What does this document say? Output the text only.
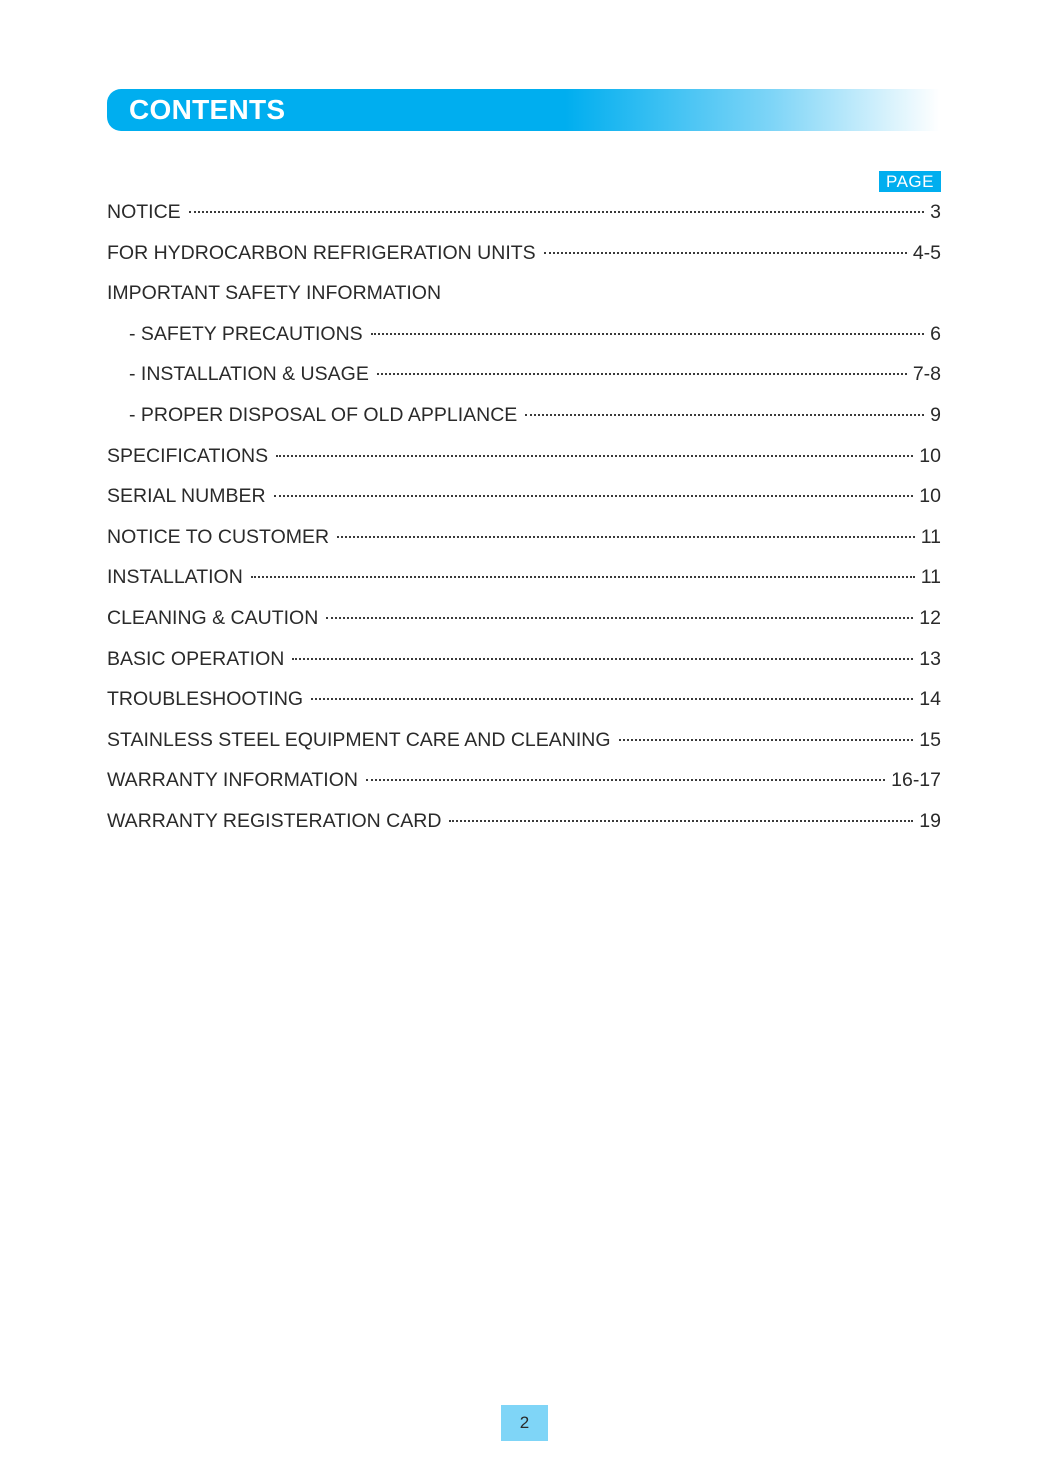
CONTENTS
PAGE
NOTICE	3
FOR HYDROCARBON REFRIGERATION UNITS	4-5
IMPORTANT SAFETY INFORMATION
- SAFETY PRECAUTIONS	6
- INSTALLATION & USAGE	7-8
- PROPER DISPOSAL OF OLD APPLIANCE	9
SPECIFICATIONS	10
SERIAL NUMBER	10
NOTICE TO CUSTOMER	11
INSTALLATION	11
CLEANING & CAUTION	12
BASIC OPERATION	13
TROUBLESHOOTING	14
STAINLESS STEEL EQUIPMENT CARE AND CLEANING	15
WARRANTY INFORMATION	16-17
WARRANTY REGISTERATION CARD	19
2
